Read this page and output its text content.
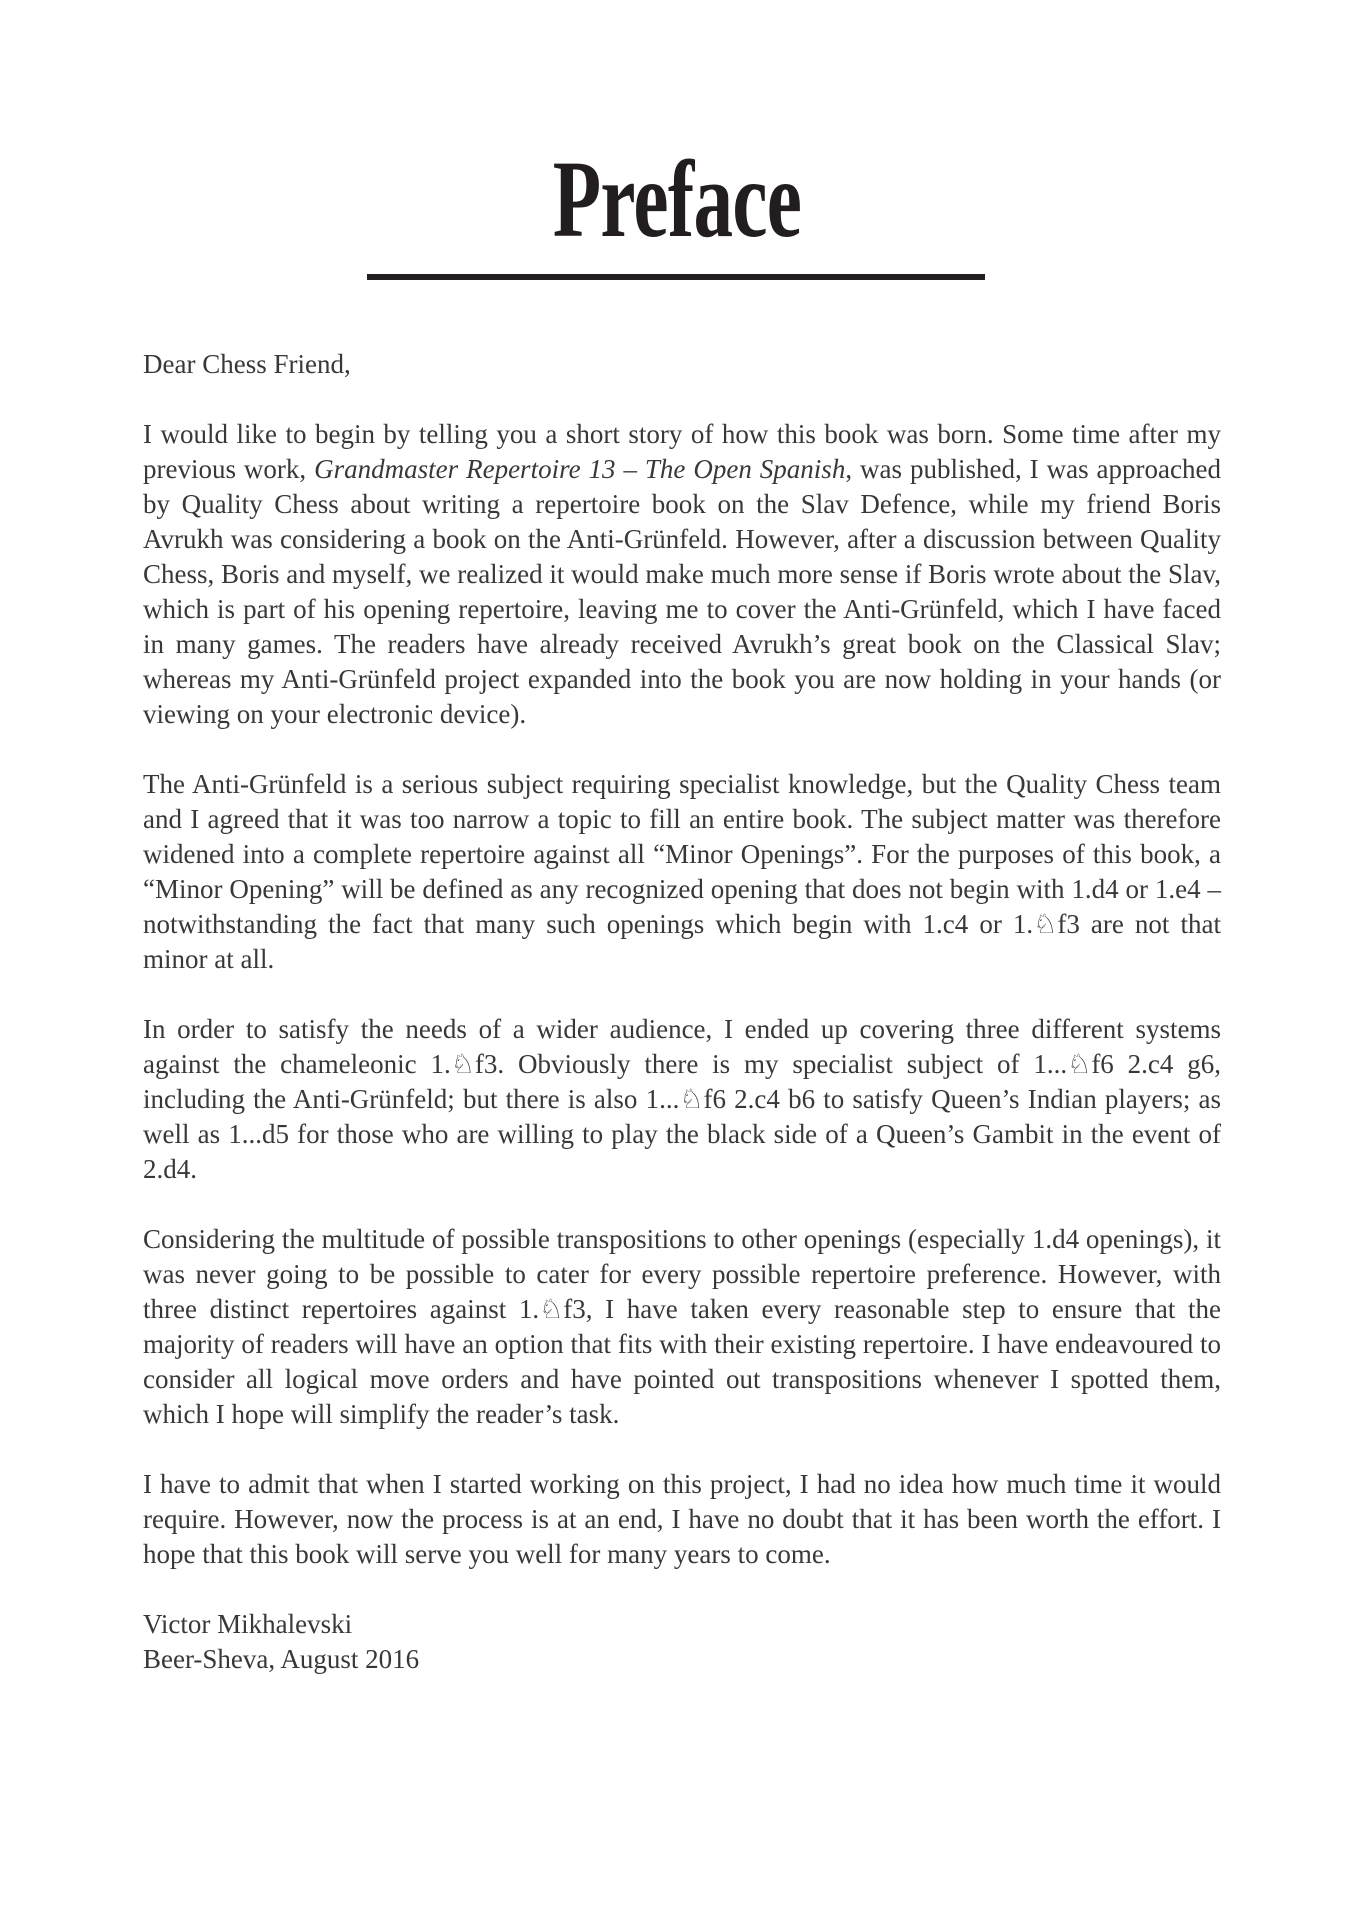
Preface

Dear Chess Friend,

I would like to begin by telling you a short story of how this book was born. Some time after my previous work, Grandmaster Repertoire 13 – The Open Spanish, was published, I was approached by Quality Chess about writing a repertoire book on the Slav Defence, while my friend Boris Avrukh was considering a book on the Anti-Grünfeld. However, after a discussion between Quality Chess, Boris and myself, we realized it would make much more sense if Boris wrote about the Slav, which is part of his opening repertoire, leaving me to cover the Anti-Grünfeld, which I have faced in many games. The readers have already received Avrukh’s great book on the Classical Slav; whereas my Anti-Grünfeld project expanded into the book you are now holding in your hands (or viewing on your electronic device).

The Anti-Grünfeld is a serious subject requiring specialist knowledge, but the Quality Chess team and I agreed that it was too narrow a topic to fill an entire book. The subject matter was therefore widened into a complete repertoire against all “Minor Openings”. For the purposes of this book, a “Minor Opening” will be defined as any recognized opening that does not begin with 1.d4 or 1.e4 – notwithstanding the fact that many such openings which begin with 1.c4 or 1.♘f3 are not that minor at all.

In order to satisfy the needs of a wider audience, I ended up covering three different systems against the chameleonic 1.♘f3. Obviously there is my specialist subject of 1...♘f6 2.c4 g6, including the Anti-Grünfeld; but there is also 1...♘f6 2.c4 b6 to satisfy Queen’s Indian players; as well as 1...d5 for those who are willing to play the black side of a Queen’s Gambit in the event of 2.d4.

Considering the multitude of possible transpositions to other openings (especially 1.d4 openings), it was never going to be possible to cater for every possible repertoire preference. However, with three distinct repertoires against 1.♘f3, I have taken every reasonable step to ensure that the majority of readers will have an option that fits with their existing repertoire. I have endeavoured to consider all logical move orders and have pointed out transpositions whenever I spotted them, which I hope will simplify the reader’s task.

I have to admit that when I started working on this project, I had no idea how much time it would require. However, now the process is at an end, I have no doubt that it has been worth the effort. I hope that this book will serve you well for many years to come.

Victor Mikhalevski

Beer-Sheva, August 2016
